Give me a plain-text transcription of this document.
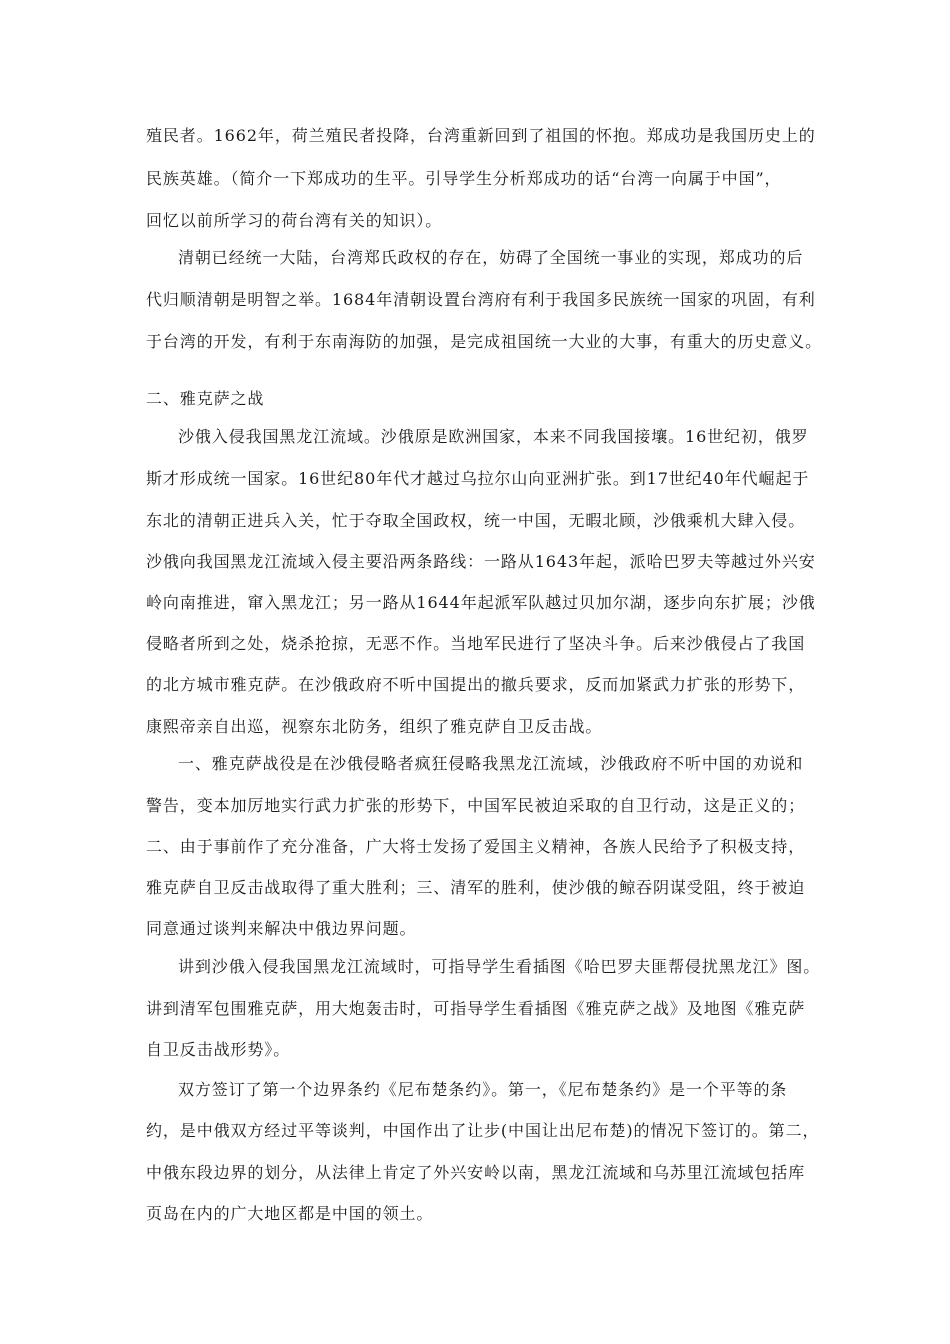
殖民者。1662年，荷兰殖民者投降，台湾重新回到了祖国的怀抱。郑成功是我国历史上的
民族英雄。（简介一下郑成功的生平。引导学生分析郑成功的话“台湾一向属于中国”，
回忆以前所学习的荷台湾有关的知识）。
清朝已经统一大陆，台湾郑氏政权的存在，妨碍了全国统一事业的实现，郑成功的后
代归顺清朝是明智之举。1684年清朝设置台湾府有利于我国多民族统一国家的巩固，有利
于台湾的开发，有利于东南海防的加强，是完成祖国统一大业的大事，有重大的历史意义。
二、雅克萨之战
沙俄入侵我国黑龙江流域。沙俄原是欧洲国家，本来不同我国接壤。16世纪初，俄罗
斯才形成统一国家。16世纪80年代才越过乌拉尔山向亚洲扩张。到17世纪40年代崛起于
东北的清朝正进兵入关，忙于夺取全国政权，统一中国，无暇北顾，沙俄乘机大肆入侵。
沙俄向我国黑龙江流域入侵主要沿两条路线：一路从1643年起，派哈巴罗夫等越过外兴安
岭向南推进，窜入黑龙江；另一路从1644年起派军队越过贝加尔湖，逐步向东扩展；沙俄
侵略者所到之处，烧杀抢掠，无恶不作。当地军民进行了坚决斗争。后来沙俄侵占了我国
的北方城市雅克萨。在沙俄政府不听中国提出的撤兵要求，反而加紧武力扩张的形势下，
康熙帝亲自出巡，视察东北防务，组织了雅克萨自卫反击战。
一、雅克萨战役是在沙俄侵略者疯狂侵略我黑龙江流域，沙俄政府不听中国的劝说和
警告，变本加厉地实行武力扩张的形势下，中国军民被迫采取的自卫行动，这是正义的；
二、由于事前作了充分准备，广大将士发扬了爱国主义精神，各族人民给予了积极支持，
雅克萨自卫反击战取得了重大胜利；三、清军的胜利，使沙俄的鲸吞阴谋受阻，终于被迫
同意通过谈判来解决中俄边界问题。
讲到沙俄入侵我国黑龙江流域时，可指导学生看插图《哈巴罗夫匪帮侵扰黑龙江》图。
讲到清军包围雅克萨，用大炮轰击时，可指导学生看插图《雅克萨之战》及地图《雅克萨
自卫反击战形势》。
双方签订了第一个边界条约《尼布楚条约》。第一，《尼布楚条约》是一个平等的条
约，是中俄双方经过平等谈判，中国作出了让步(中国让出尼布楚)的情况下签订的。第二，
中俄东段边界的划分，从法律上肯定了外兴安岭以南，黑龙江流域和乌苏里江流域包括库
页岛在内的广大地区都是中国的领土。
